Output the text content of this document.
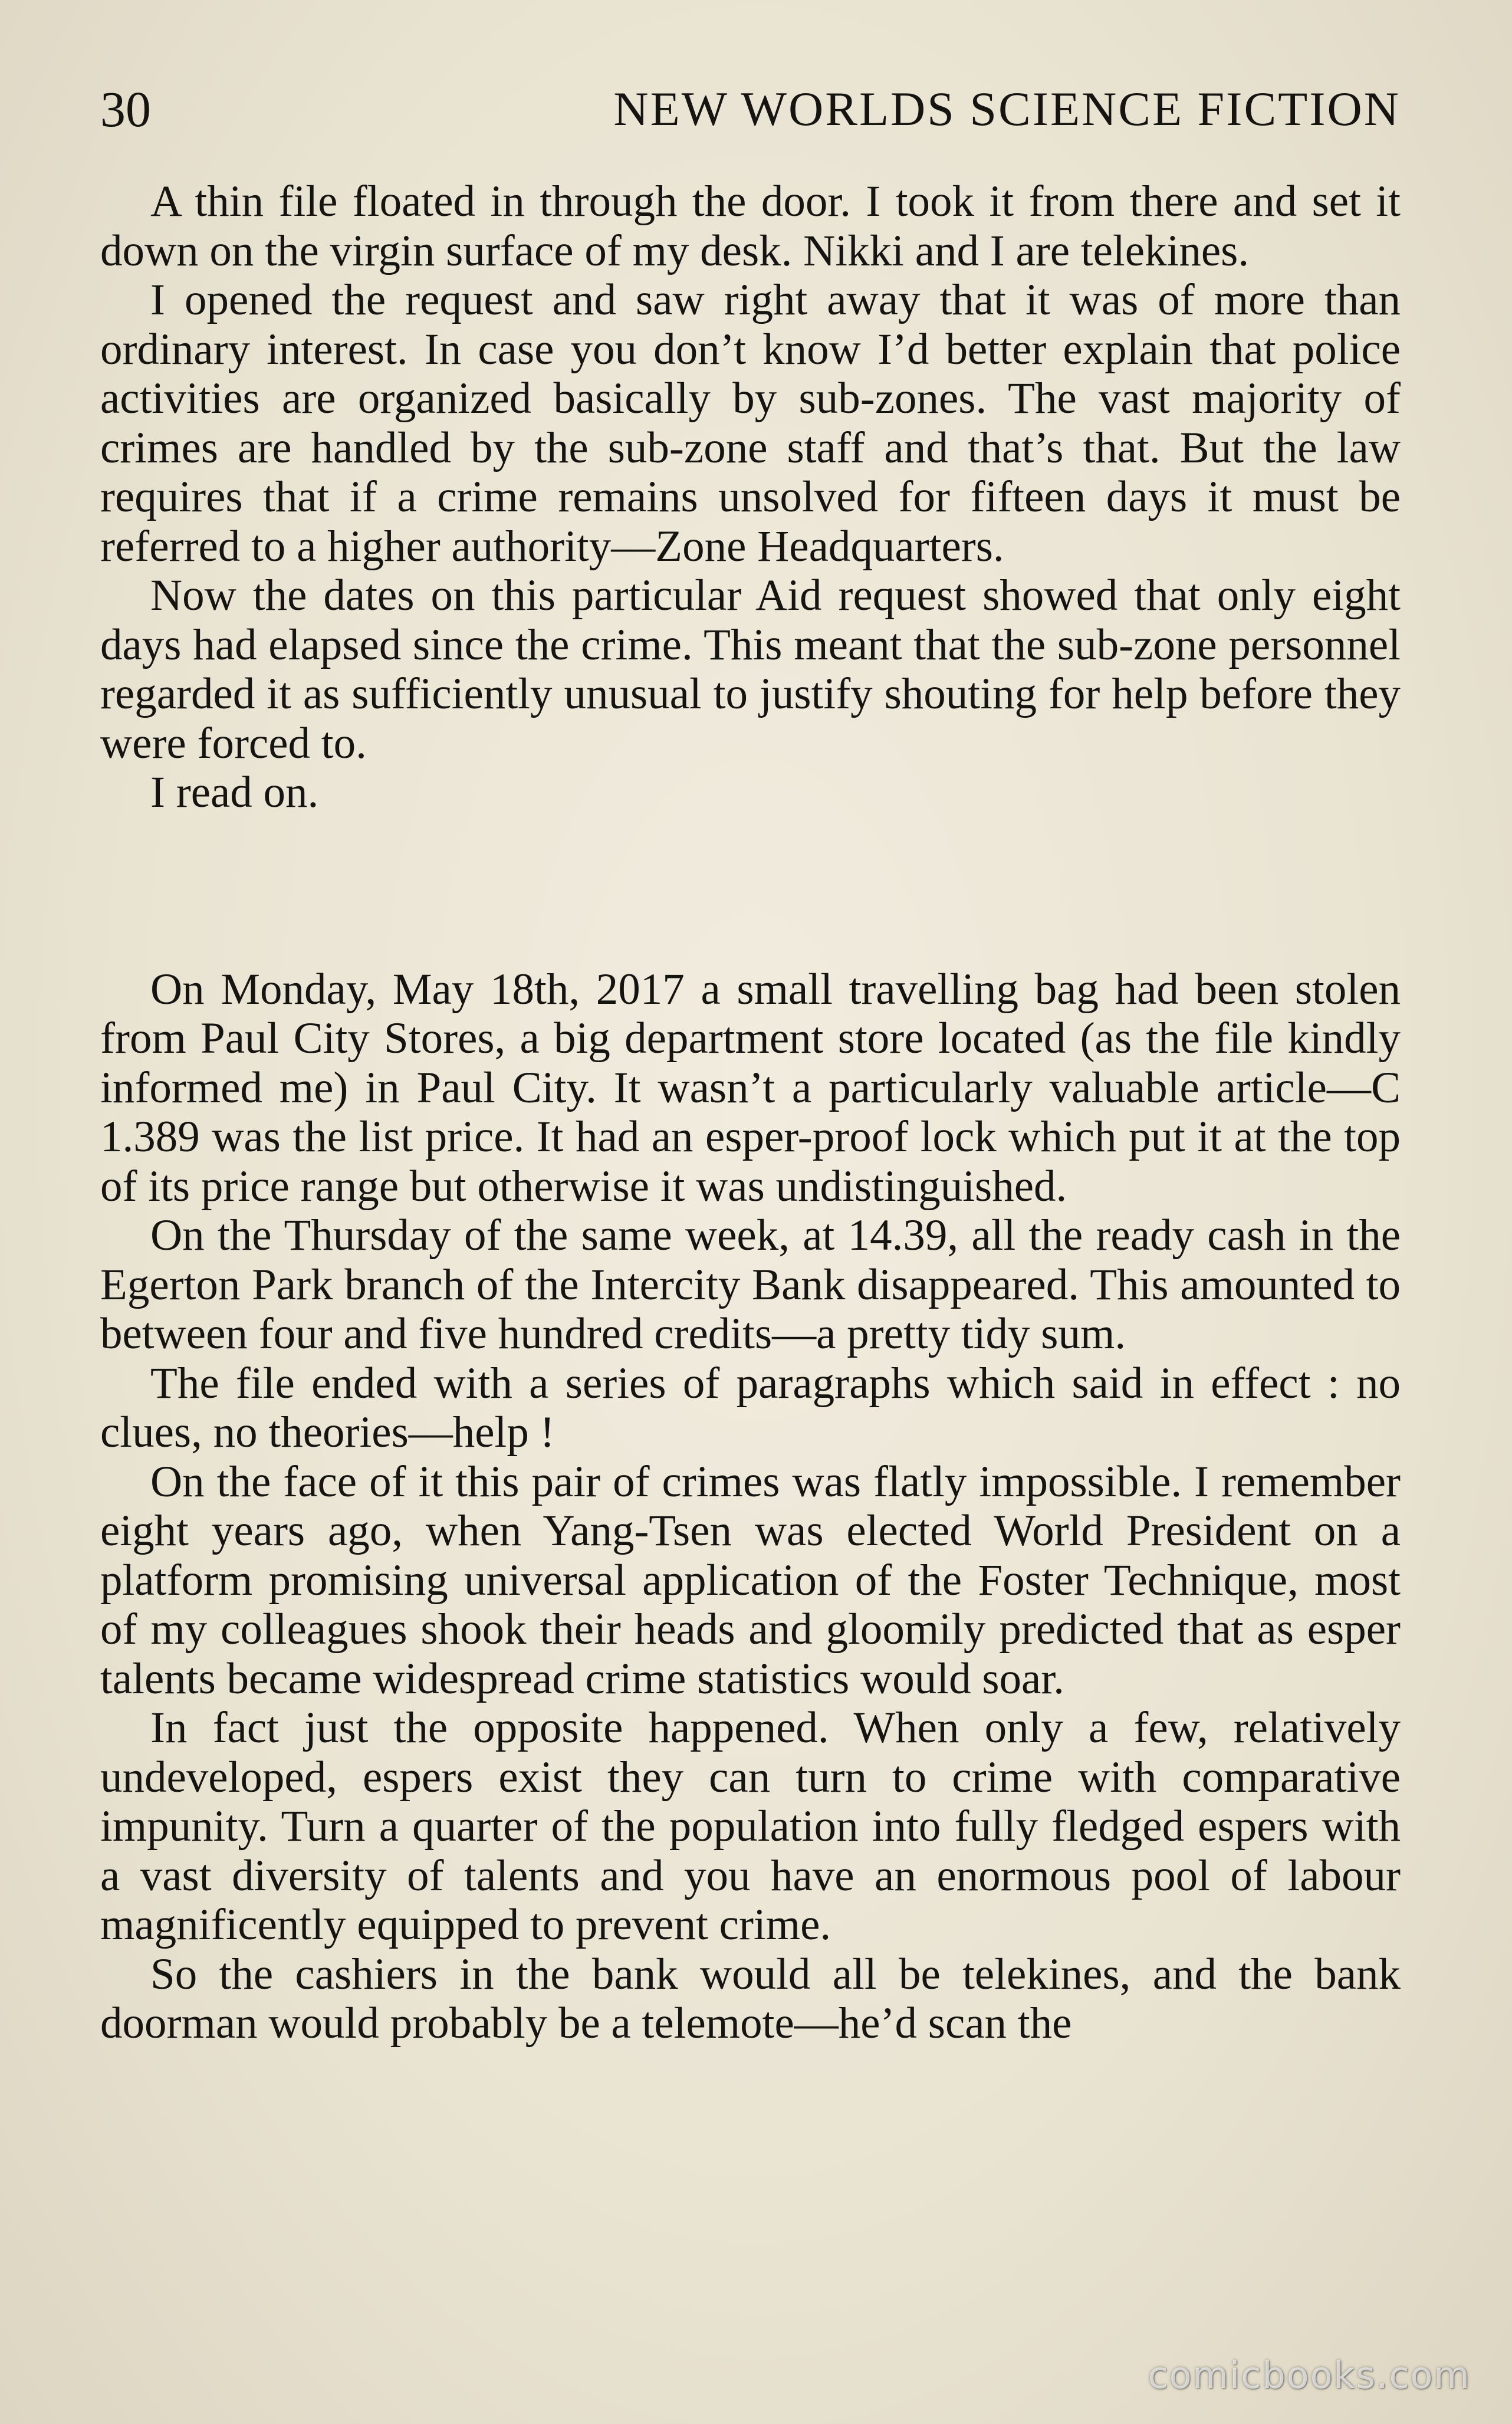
30	NEW WORLDS SCIENCE FICTION

A thin file floated in through the door. I took it from there and set it down on the virgin surface of my desk. Nikki and I are telekines.

I opened the request and saw right away that it was of more than ordinary interest. In case you don’t know I’d better explain that police activities are organized basically by sub-zones. The vast majority of crimes are handled by the sub-zone staff and that’s that. But the law requires that if a crime remains unsolved for fifteen days it must be referred to a higher authority—Zone Headquarters.

Now the dates on this particular Aid request showed that only eight days had elapsed since the crime. This meant that the sub-zone personnel regarded it as sufficiently unusual to justify shouting for help before they were forced to.

I read on.

On Monday, May 18th, 2017 a small travelling bag had been stolen from Paul City Stores, a big department store located (as the file kindly informed me) in Paul City. It wasn’t a particularly valuable article—C 1.389 was the list price. It had an esper-proof lock which put it at the top of its price range but otherwise it was undistinguished.

On the Thursday of the same week, at 14.39, all the ready cash in the Egerton Park branch of the Intercity Bank disappeared. This amounted to between four and five hundred credits—a pretty tidy sum.

The file ended with a series of paragraphs which said in effect : no clues, no theories—help !

On the face of it this pair of crimes was flatly impossible. I remember eight years ago, when Yang-Tsen was elected World President on a platform promising universal application of the Foster Technique, most of my colleagues shook their heads and gloomily predicted that as esper talents became widespread crime statistics would soar.

In fact just the opposite happened. When only a few, relatively undeveloped, espers exist they can turn to crime with comparative impunity. Turn a quarter of the population into fully fledged espers with a vast diversity of talents and you have an enormous pool of labour magnificently equipped to prevent crime.

So the cashiers in the bank would all be telekines, and the bank doorman would probably be a telemote—he’d scan the

comicbooks.com
